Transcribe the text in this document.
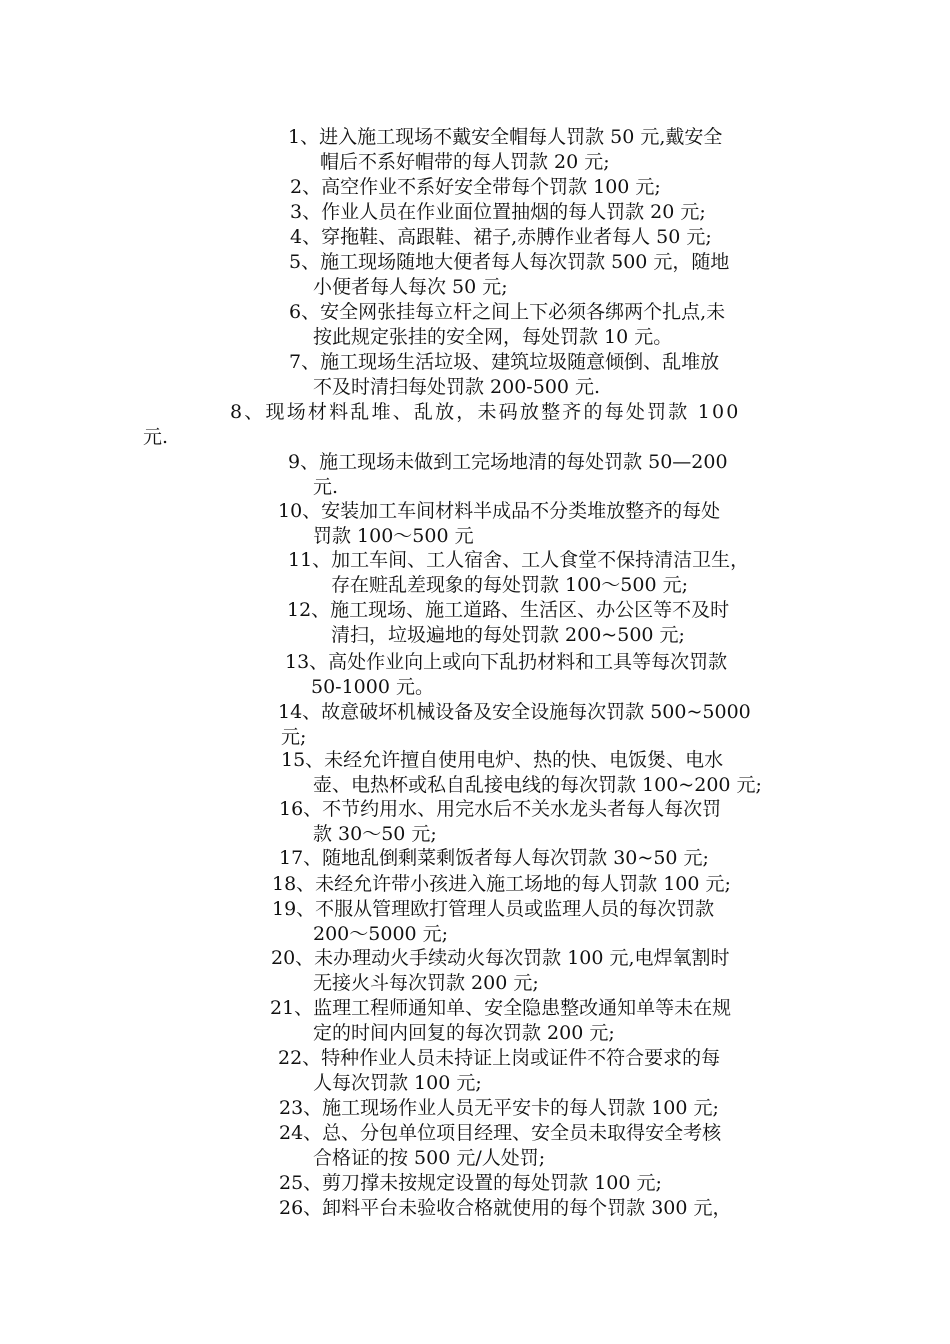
1、进入施工现场不戴安全帽每人罚款 50 元,戴安全
帽后不系好帽带的每人罚款 20 元;
2、高空作业不系好安全带每个罚款 100 元;
3、作业人员在作业面位置抽烟的每人罚款 20 元;
4、穿拖鞋、高跟鞋、裙子,赤膊作业者每人 50 元;
5、施工现场随地大便者每人每次罚款 500 元，随地
小便者每人每次 50 元;
6、安全网张挂每立杆之间上下必须各绑两个扎点,未
按此规定张挂的安全网，每处罚款 10 元。
7、施工现场生活垃圾、建筑垃圾随意倾倒、乱堆放
不及时清扫每处罚款 200-500 元.
8、现场材料乱堆、乱放，未码放整齐的每处罚款 100
元.
9、施工现场未做到工完场地清的每处罚款 50—200
元.
10、安装加工车间材料半成品不分类堆放整齐的每处
罚款 100～500 元
11、加工车间、工人宿舍、工人食堂不保持清洁卫生，
存在赃乱差现象的每处罚款 100～500 元;
12、施工现场、施工道路、生活区、办公区等不及时
清扫，垃圾遍地的每处罚款 200~500 元;
13、高处作业向上或向下乱扔材料和工具等每次罚款
50-1000 元。
14、故意破坏机械设备及安全设施每次罚款 500~5000
元;
15、未经允许擅自使用电炉、热的快、电饭煲、电水
壶、电热杯或私自乱接电线的每次罚款 100~200 元;
16、不节约用水、用完水后不关水龙头者每人每次罚
款 30～50 元;
17、随地乱倒剩菜剩饭者每人每次罚款 30~50 元;
18、未经允许带小孩进入施工场地的每人罚款 100 元;
19、不服从管理欧打管理人员或监理人员的每次罚款
200～5000 元;
20、未办理动火手续动火每次罚款 100 元,电焊氧割时
无接火斗每次罚款 200 元;
21、监理工程师通知单、安全隐患整改通知单等未在规
定的时间内回复的每次罚款 200 元;
22、特种作业人员未持证上岗或证件不符合要求的每
人每次罚款 100 元;
23、施工现场作业人员无平安卡的每人罚款 100 元;
24、总、分包单位项目经理、安全员未取得安全考核
合格证的按 500 元/人处罚;
25、剪刀撑未按规定设置的每处罚款 100 元;
26、卸料平台未验收合格就使用的每个罚款 300 元，
